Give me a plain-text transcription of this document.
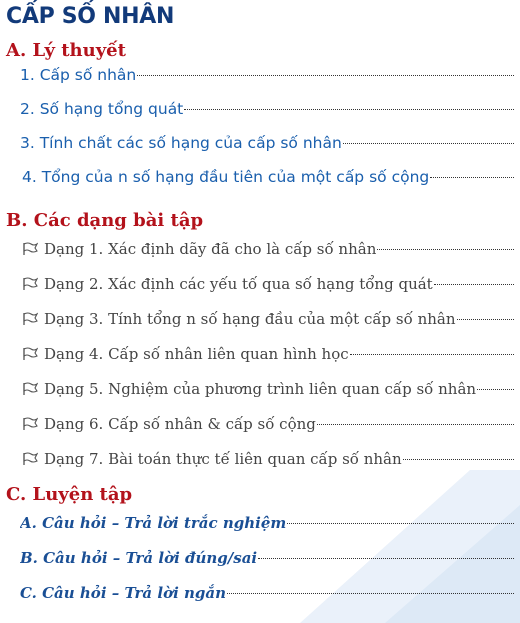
CẤP SỐ NHÂN
A. Lý thuyết
1. Cấp số nhân
2. Số hạng tổng quát
3. Tính chất các số hạng của cấp số nhân
4. Tổng của n số hạng đầu tiên của một cấp số cộng
B. Các dạng bài tập
Dạng 1. Xác định dãy đã cho là cấp số nhân
Dạng 2. Xác định các yếu tố qua số hạng tổng quát
Dạng 3. Tính tổng n số hạng đầu của một cấp số nhân
Dạng 4. Cấp số nhân liên quan hình học
Dạng 5. Nghiệm của phương trình liên quan cấp số nhân
Dạng 6. Cấp số nhân & cấp số cộng
Dạng 7. Bài toán thực tế liên quan cấp số nhân
C. Luyện tập
A. Câu hỏi – Trả lời trắc nghiệm
B. Câu hỏi – Trả lời đúng/sai
C. Câu hỏi – Trả lời ngắn
